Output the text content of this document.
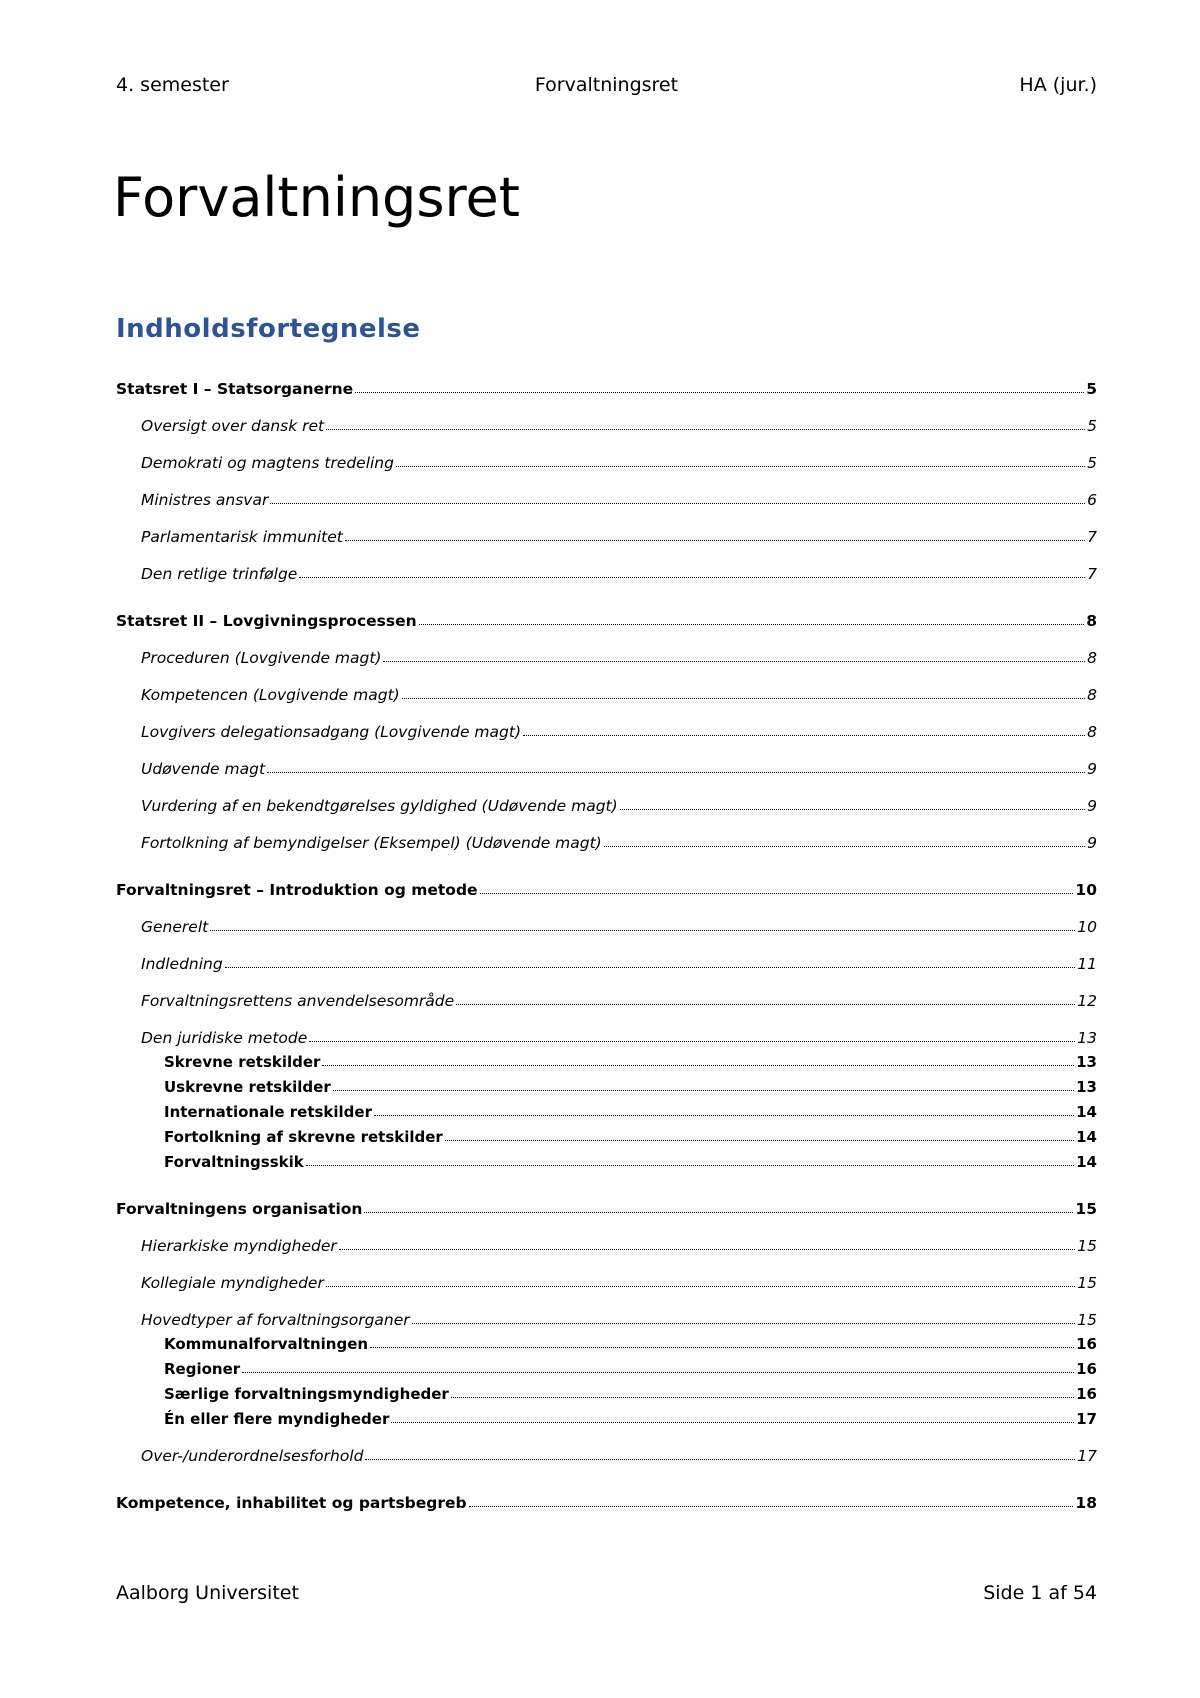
4. semester	Forvaltningsret	HA (jur.)
Forvaltningsret
Indholdsfortegnelse
Statsret I – Statsorganerne	5
Oversigt over dansk ret	5
Demokrati og magtens tredeling	5
Ministres ansvar	6
Parlamentarisk immunitet	7
Den retlige trinfølge	7
Statsret II – Lovgivningsprocessen	8
Proceduren (Lovgivende magt)	8
Kompetencen (Lovgivende magt)	8
Lovgivers delegationsadgang (Lovgivende magt)	8
Udøvende magt	9
Vurdering af en bekendtgørelses gyldighed (Udøvende magt)	9
Fortolkning af bemyndigelser (Eksempel) (Udøvende magt)	9
Forvaltningsret – Introduktion og metode	10
Generelt	10
Indledning	11
Forvaltningsrettens anvendelsesområde	12
Den juridiske metode	13
Skrevne retskilder	13
Uskrevne retskilder	13
Internationale retskilder	14
Fortolkning af skrevne retskilder	14
Forvaltningsskik	14
Forvaltningens organisation	15
Hierarkiske myndigheder	15
Kollegiale myndigheder	15
Hovedtyper af forvaltningsorganer	15
Kommunalforvaltningen	16
Regioner	16
Særlige forvaltningsmyndigheder	16
Én eller flere myndigheder	17
Over-/underordnelsesforhold	17
Kompetence, inhabilitet og partsbegreb	18
Aalborg Universitet	Side 1 af 54
